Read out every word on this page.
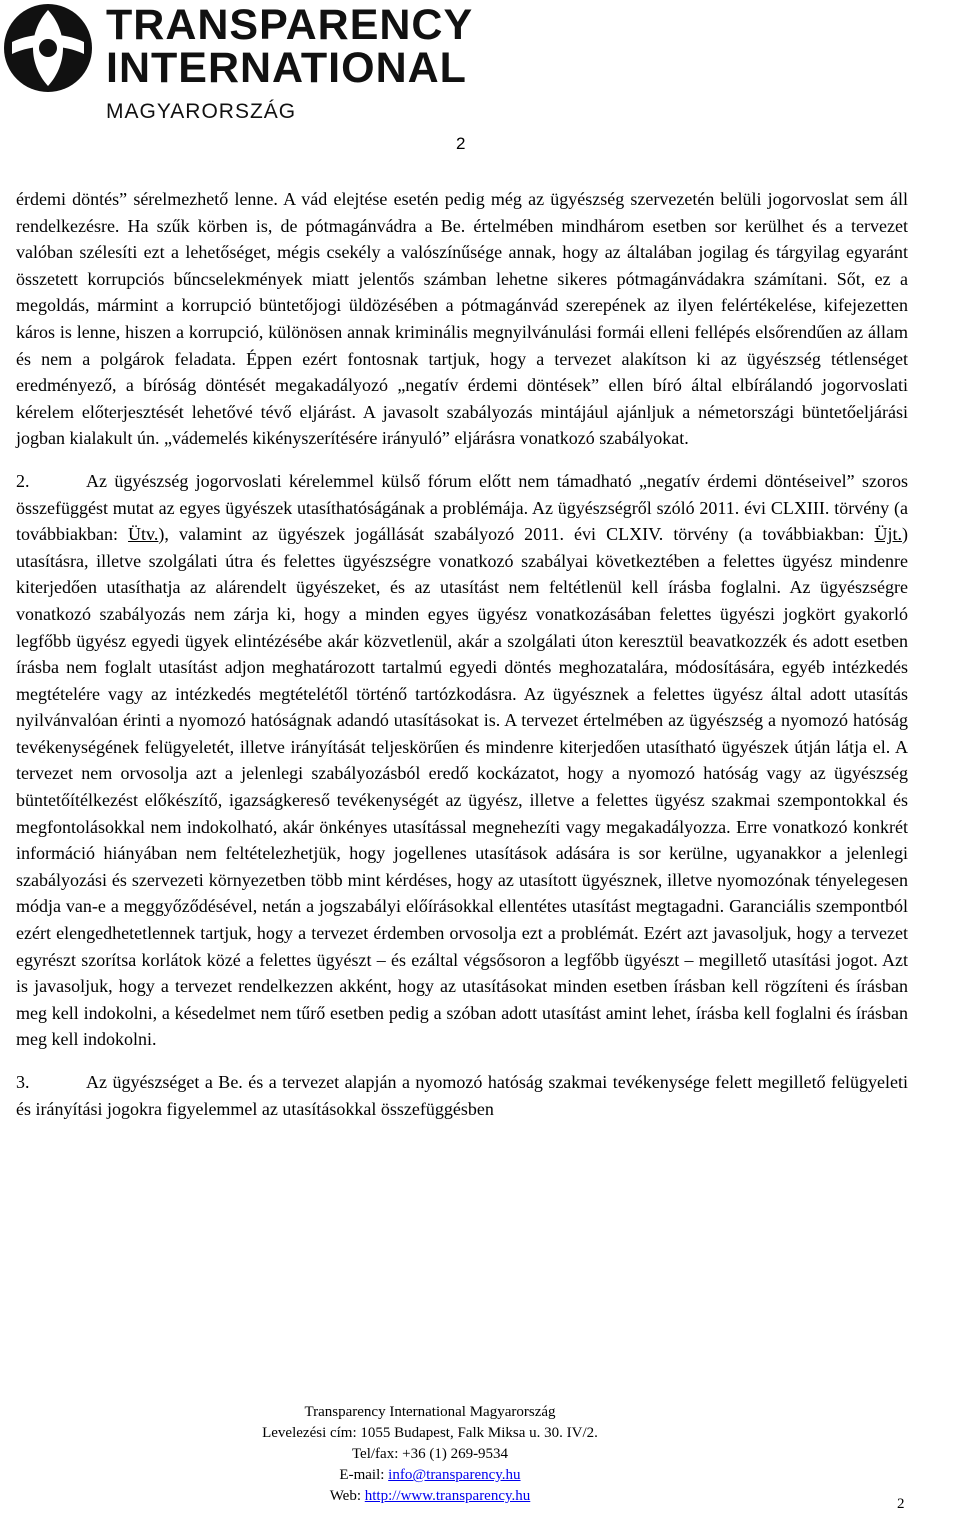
TRANSPARENCY
INTERNATIONAL
MAGYARORSZÁG
2

érdemi döntés” sérelmezhető lenne. A vád elejtése esetén pedig még az ügyészség szervezetén belüli jogorvoslat sem áll rendelkezésre. Ha szűk körben is, de pótmagánvádra a Be. értelmében mindhárom esetben sor kerülhet és a tervezet valóban szélesíti ezt a lehetőséget, mégis csekély a valószínűsége annak, hogy az általában jogilag és tárgyilag egyaránt összetett korrupciós bűncselekmények miatt jelentős számban lehetne sikeres pótmagánvádakra számítani. Sőt, ez a megoldás, mármint a korrupció büntetőjogi üldözésében a pótmagánvád szerepének az ilyen felértékelése, kifejezetten káros is lenne, hiszen a korrupció, különösen annak kriminális megnyilvánulási formái elleni fellépés elsőrendűen az állam és nem a polgárok feladata. Éppen ezért fontosnak tartjuk, hogy a tervezet alakítson ki az ügyészség tétlenséget eredményező, a bíróság döntését megakadályozó „negatív érdemi döntések” ellen bíró által elbírálandó jogorvoslati kérelem előterjesztését lehetővé tévő eljárást. A javasolt szabályozás mintájául ajánljuk a németországi büntetőeljárási jogban kialakult ún. „vádemelés kikényszerítésére irányuló” eljárásra vonatkozó szabályokat.

2.	Az ügyészség jogorvoslati kérelemmel külső fórum előtt nem támadható „negatív érdemi döntéseivel” szoros összefüggést mutat az egyes ügyészek utasíthatóságának a problémája. Az ügyészségről szóló 2011. évi CLXIII. törvény (a továbbiakban: Ütv.), valamint az ügyészek jogállását szabályozó 2011. évi CLXIV. törvény (a továbbiakban: Üjt.) utasításra, illetve szolgálati útra és felettes ügyészségre vonatkozó szabályai következtében a felettes ügyész mindenre kiterjedően utasíthatja az alárendelt ügyészeket, és az utasítást nem feltétlenül kell írásba foglalni. Az ügyészségre vonatkozó szabályozás nem zárja ki, hogy a minden egyes ügyész vonatkozásában felettes ügyészi jogkört gyakorló legfőbb ügyész egyedi ügyek elintézésébe akár közvetlenül, akár a szolgálati úton keresztül beavatkozzék és adott esetben írásba nem foglalt utasítást adjon meghatározott tartalmú egyedi döntés meghozatalára, módosítására, egyéb intézkedés megtételére vagy az intézkedés megtételétől történő tartózkodásra. Az ügyésznek a felettes ügyész által adott utasítás nyilvánvalóan érinti a nyomozó hatóságnak adandó utasításokat is. A tervezet értelmében az ügyészség a nyomozó hatóság tevékenységének felügyeletét, illetve irányítását teljeskörűen és mindenre kiterjedően utasítható ügyészek útján látja el. A tervezet nem orvosolja azt a jelenlegi szabályozásból eredő kockázatot, hogy a nyomozó hatóság vagy az ügyészség büntetőítélkezést előkészítő, igazságkereső tevékenységét az ügyész, illetve a felettes ügyész szakmai szempontokkal és megfontolásokkal nem indokolható, akár önkényes utasítással megnehezíti vagy megakadályozza. Erre vonatkozó konkrét információ hiányában nem feltételezhetjük, hogy jogellenes utasítások adására is sor kerülne, ugyanakkor a jelenlegi szabályozási és szervezeti környezetben több mint kérdéses, hogy az utasított ügyésznek, illetve nyomozónak tényelegesen módja van-e a meggyőződésével, netán a jogszabályi előírásokkal ellentétes utasítást megtagadni. Garanciális szempontból ezért elengedhetetlennek tartjuk, hogy a tervezet érdemben orvosolja ezt a problémát. Ezért azt javasoljuk, hogy a tervezet egyrészt szorítsa korlátok közé a felettes ügyészt – és ezáltal végsősoron a legfőbb ügyészt – megillető utasítási jogot. Azt is javasoljuk, hogy a tervezet rendelkezzen akként, hogy az utasításokat minden esetben írásban kell rögzíteni és írásban meg kell indokolni, a késedelmet nem tűrő esetben pedig a szóban adott utasítást amint lehet, írásba kell foglalni és írásban meg kell indokolni.

3.	Az ügyészséget a Be. és a tervezet alapján a nyomozó hatóság szakmai tevékenysége felett megillető felügyeleti és irányítási jogokra figyelemmel az utasításokkal összefüggésben

Transparency International Magyarország
Levelezési cím: 1055 Budapest, Falk Miksa u. 30. IV/2.
Tel/fax: +36 (1) 269-9534
E-mail: info@transparency.hu
Web: http://www.transparency.hu	2
